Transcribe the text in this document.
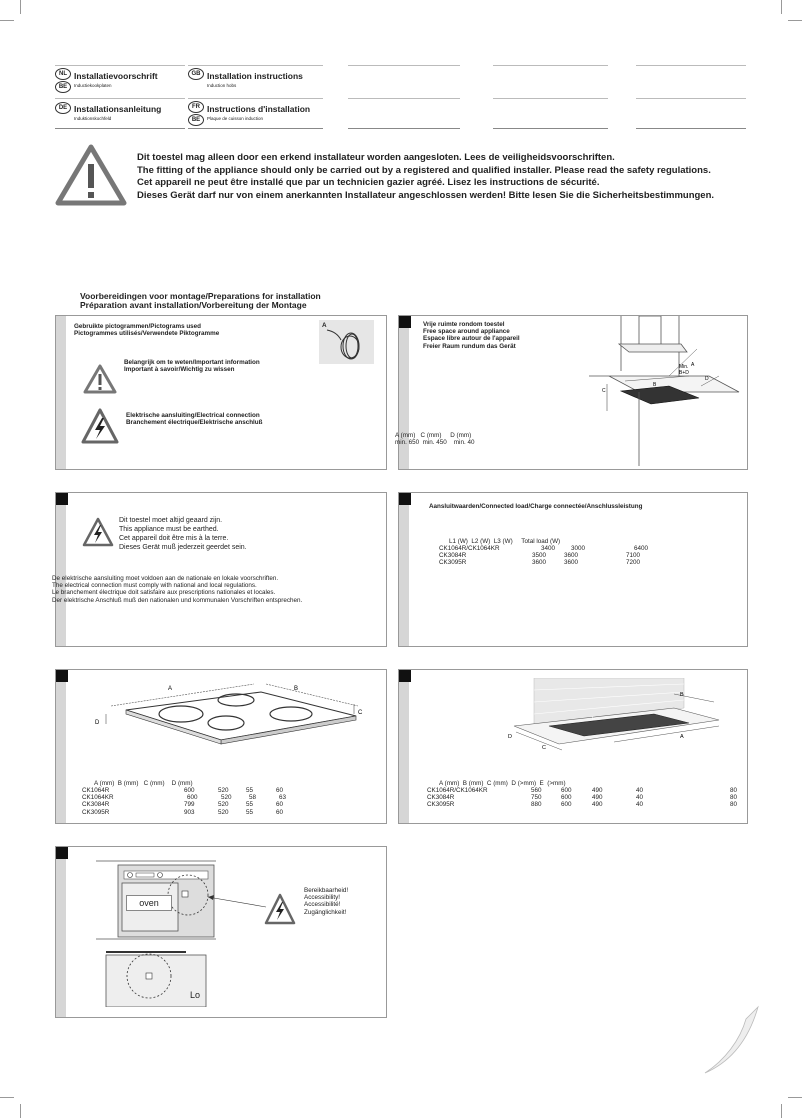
NL
BE
Installatievoorschrift
Inductiekookplaten
GB Installation instructions
Induction hobs
DE Installationsanleitung
Induktionskochfeld
FR
BE
Instructions d'installation
Plaque de cuisson induction
Dit toestel mag alleen door een erkend installateur worden aangesloten. Lees de veiligheidsvoorschriften.
The fitting of the appliance should only be carried out by a registered and qualified installer. Please read the safety regulations.
Cet appareil ne peut être installé que par un technicien gazier agréé. Lisez les instructions de sécurité.
Dieses Gerät darf nur von einem anerkannten Installateur angeschlossen werden! Bitte lesen Sie die Sicherheitsbestimmungen.
Voorbereidingen voor montage/Preparations for installation
Préparation avant installation/Vorbereitung der Montage
Gebruikte pictogrammen/Pictograms used
Pictogrammes utilisés/Verwendete Piktogramme
A
Belangrijk om te weten/Important information
Important à savoir/Wichtig zu wissen
Elektrische aansluiting/Electrical connection
Branchement électrique/Elektrische anschluß
Vrije ruimte rondom toestel
Free space around appliance
Espace libre autour de l'appareil
Freier Raum rundum das Gerät
A (mm)   C (mm)     D (mm)
min. 650  min. 450    min. 40
Min.
B+D
A
B
C
D
Dit toestel moet altijd geaard zijn.
This appliance must be earthed.
Cet appareil doit être mis à la terre.
Dieses Gerät muß jederzeit geerdet sein.
De elektrische aansluiting moet voldoen aan de nationale en lokale voorschriften.
The electrical connection must comply with national and local regulations.
Le branchement électrique doit satisfaire aux prescriptions nationales et locales.
Der elektrische Anschluß muß den nationalen und kommunalen Vorschriften entsprechen.
Aansluitwaarden/Connected load/Charge connectée/Anschlussleistung
L1 (W)  L2 (W)  L3 (W)     Total load (W)
CK1064R/CK1064KR	3400	3000	6400
CK3084R	3500	3600	7100
CK3095R	3600	3600	7200
A	B
C
D
A (mm)  B (mm)   C (mm)    D (mm)
CK1064R	600	520	55	60
CK1064KR	600	520	58	63
CK3084R	799	520	55	60
CK3095R	903	520	55	60
E
A
B
C
D
A (mm)  B (mm)  C (mm)  D (>mm)  E  (>mm)
CK1064R/CK1064KR	560	600	490	40	80
CK3084R	750	600	490	40	80
CK3095R	880	600	490	40	80
oven
Lo
Bereikbaarheid!
Accessibility!
Accessibilité!
Zugänglichkeit!
